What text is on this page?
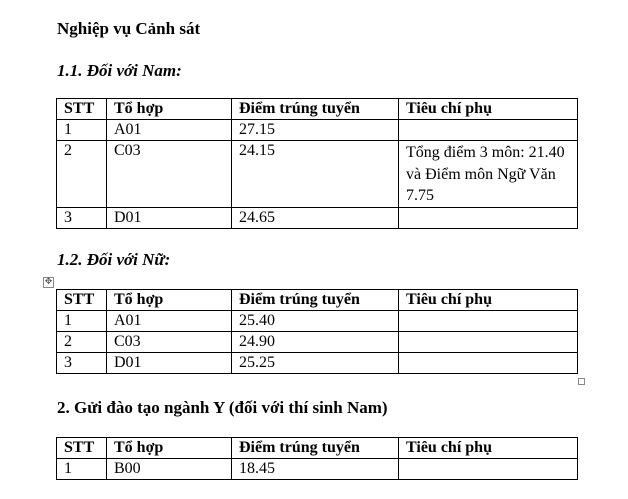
Nghiệp vụ Cảnh sát
1.1. Đối với Nam:
STT	Tổ hợp	Điểm trúng tuyển	Tiêu chí phụ
1	A01	27.15	
2	C03	24.15	Tổng điểm 3 môn: 21.40 và Điểm môn Ngữ Văn 7.75
3	D01	24.65	
1.2. Đối với Nữ:
✥
STT	Tổ hợp	Điểm trúng tuyển	Tiêu chí phụ
1	A01	25.40	
2	C03	24.90	
3	D01	25.25	
2. Gửi đào tạo ngành Y (đối với thí sinh Nam)
STT	Tổ hợp	Điểm trúng tuyển	Tiêu chí phụ
1	B00	18.45	
